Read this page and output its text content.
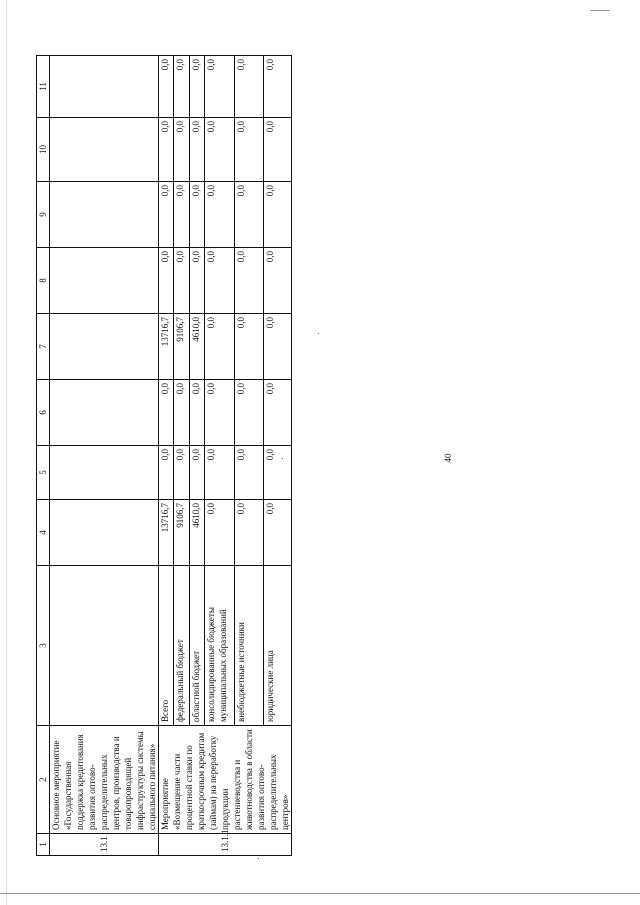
40
1	2	3	4	5	6	7	8	9	10	11
13.1	Основное мероприятие «Государственная поддержка кредитования развития оптово-распределительных центров, производства и товаропроводящей инфраструктуры системы социального питания»									
13.1.1	Мероприятие «Возмещение части процентной ставки по краткосрочным кредитам (займам) на переработку продукции растениеводства и животноводства в области развития оптово-распределительных центров»	Всего	13716,7	0,0	0,0	13716,7	0,0	0,0	0,0	0,0
		федеральный бюджет	9106,7	0,0	0,0	9106,7	0,0	0,0	0,0	0,0
		областной бюджет	4610,0	0,0	0,0	4610,0	0,0	0,0	0,0	0,0
		консолидированные бюджеты муниципальных образований	0,0	0,0	0,0	0,0	0,0	0,0	0,0	0,0
		внебюджетные источники	0,0	0,0	0,0	0,0	0,0	0,0	0,0	0,0
		юридические лица	0,0	0,0	0,0	0,0	0,0	0,0	0,0	0,0
